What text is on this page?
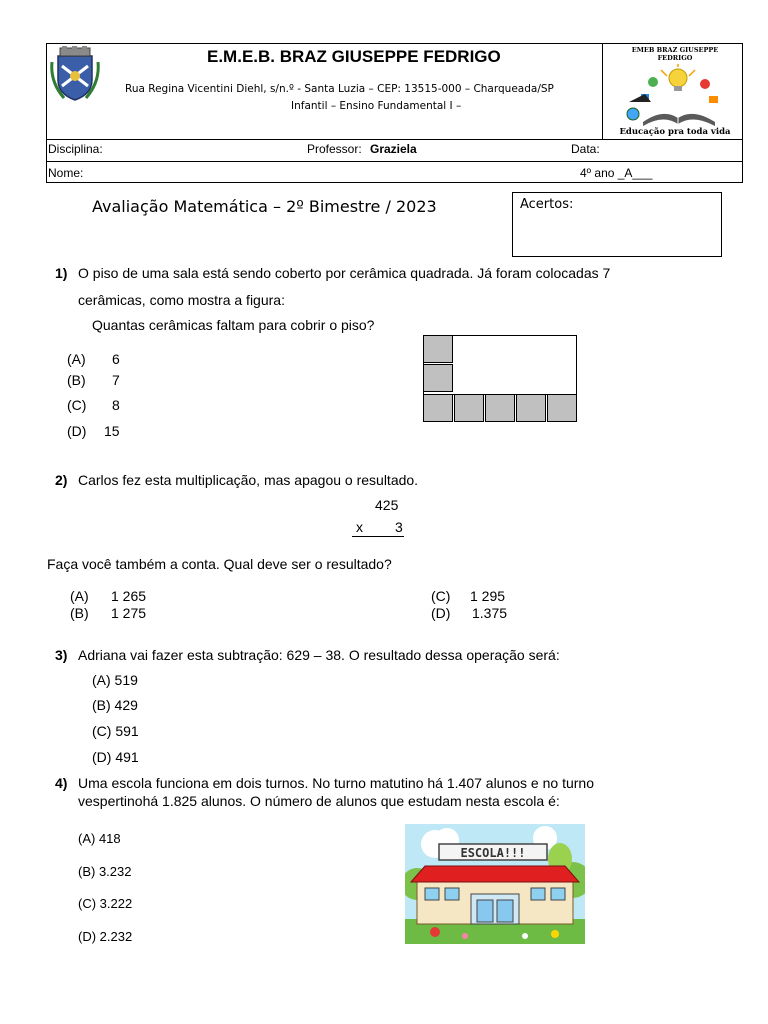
E.M.E.B. BRAZ GIUSEPPE FEDRIGO
Rua Regina Vicentini Diehl, s/n.º - Santa Luzia – CEP: 13515-000 – Charqueada/SP
Infantil – Ensino Fundamental I –
EMEB BRAZ GIUSEPPE FEDRIGO
Educação pra toda vida
Disciplina:	Professor: Graziela	Data:
Nome:	4º ano _A___
Avaliação Matemática – 2º Bimestre / 2023	Acertos:
1) O piso de uma sala está sendo coberto por cerâmica quadrada. Já foram colocadas 7
cerâmicas, como mostra a figura:
Quantas cerâmicas faltam para cobrir o piso?
(A) 6
(B) 7
(C) 8
(D) 15
2) Carlos fez esta multiplicação, mas apagou o resultado.
425
x 3
Faça você também a conta. Qual deve ser o resultado?
(A) 1 265
(B) 1 275
(C) 1 295
(D) 1.375
3) Adriana vai fazer esta subtração: 629 – 38. O resultado dessa operação será:
(A) 519
(B) 429
(C) 591
(D) 491
4) Uma escola funciona em dois turnos. No turno matutino há 1.407 alunos e no turno
vespertinohá 1.825 alunos. O número de alunos que estudam nesta escola é:
(A) 418
(B) 3.232
(C) 3.222
(D) 2.232
ESCOLA!!!
